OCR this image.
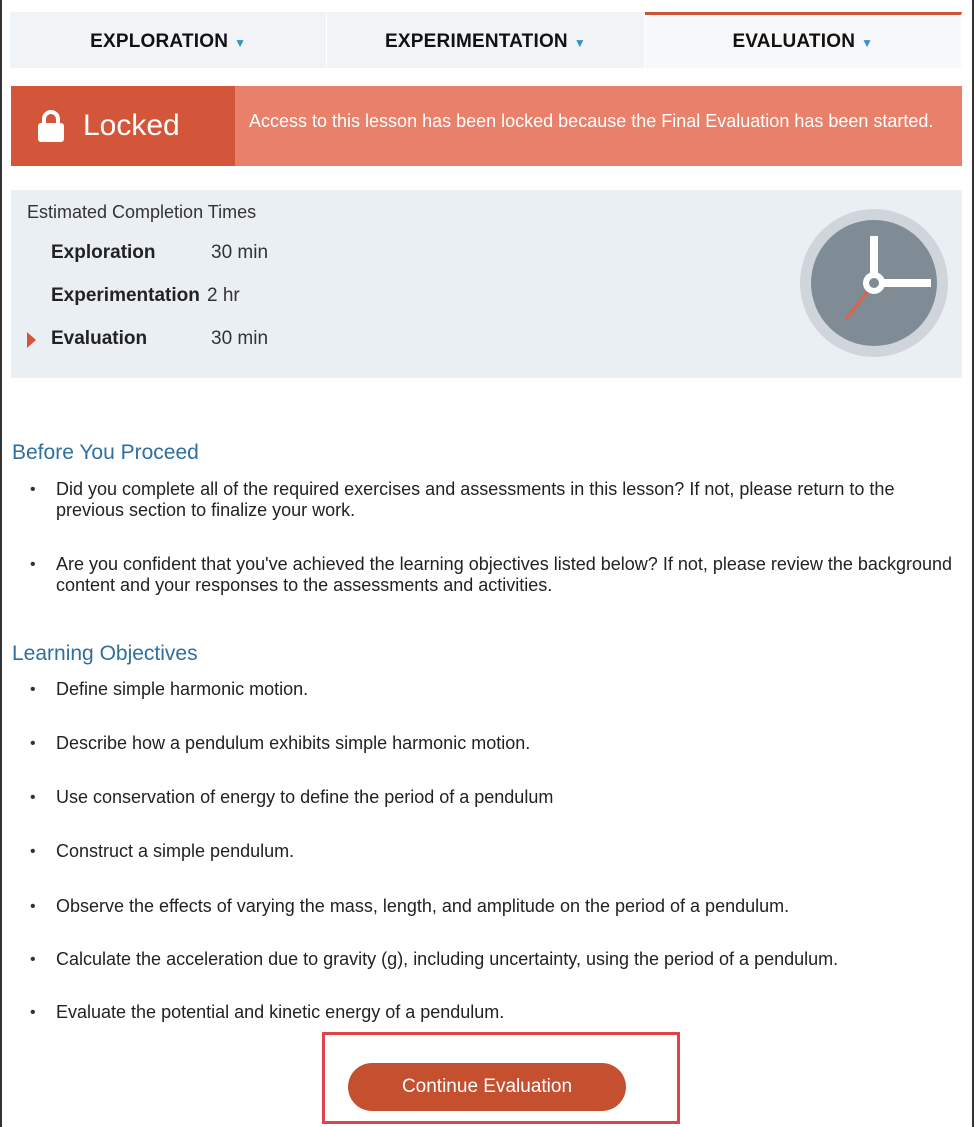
EXPLORATION ▼	EXPERIMENTATION ▼	EVALUATION ▼
Locked	Access to this lesson has been locked because the Final Evaluation has been started.
Estimated Completion Times
Exploration	30 min
Experimentation 2 hr
Evaluation	30 min
Before You Proceed
• Did you complete all of the required exercises and assessments in this lesson? If not, please return to the previous section to finalize your work.
• Are you confident that you've achieved the learning objectives listed below? If not, please review the background content and your responses to the assessments and activities.
Learning Objectives
• Define simple harmonic motion.
• Describe how a pendulum exhibits simple harmonic motion.
• Use conservation of energy to define the period of a pendulum
• Construct a simple pendulum.
• Observe the effects of varying the mass, length, and amplitude on the period of a pendulum.
• Calculate the acceleration due to gravity (g), including uncertainty, using the period of a pendulum.
• Evaluate the potential and kinetic energy of a pendulum.
Continue Evaluation
